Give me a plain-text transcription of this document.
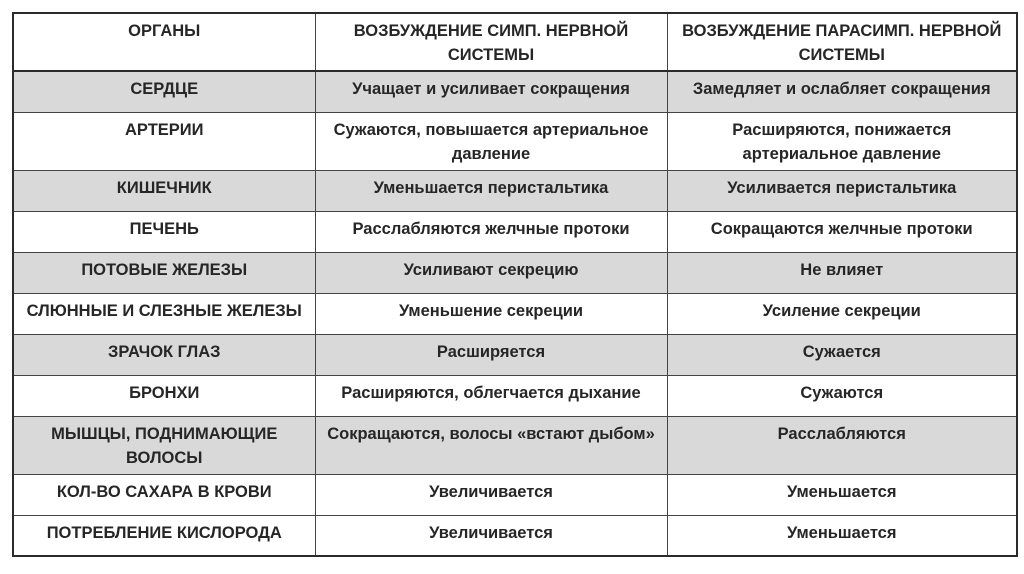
ОРГАНЫ	ВОЗБУЖДЕНИЕ СИМП. НЕРВНОЙ СИСТЕМЫ	ВОЗБУЖДЕНИЕ ПАРАСИМП. НЕРВНОЙ СИСТЕМЫ
СЕРДЦЕ	Учащает и усиливает сокращения	Замедляет и ослабляет сокращения
АРТЕРИИ	Сужаются, повышается артериальное давление	Расширяются, понижается артериальное давление
КИШЕЧНИК	Уменьшается перистальтика	Усиливается перистальтика
ПЕЧЕНЬ	Расслабляются желчные протоки	Сокращаются желчные протоки
ПОТОВЫЕ ЖЕЛЕЗЫ	Усиливают секрецию	Не влияет
СЛЮННЫЕ И СЛЕЗНЫЕ ЖЕЛЕЗЫ	Уменьшение секреции	Усиление секреции
ЗРАЧОК ГЛАЗ	Расширяется	Сужается
БРОНХИ	Расширяются, облегчается дыхание	Сужаются
МЫШЦЫ, ПОДНИМАЮЩИЕ ВОЛОСЫ	Сокращаются, волосы «встают дыбом»	Расслабляются
КОЛ-ВО САХАРА В КРОВИ	Увеличивается	Уменьшается
ПОТРЕБЛЕНИЕ КИСЛОРОДА	Увеличивается	Уменьшается
